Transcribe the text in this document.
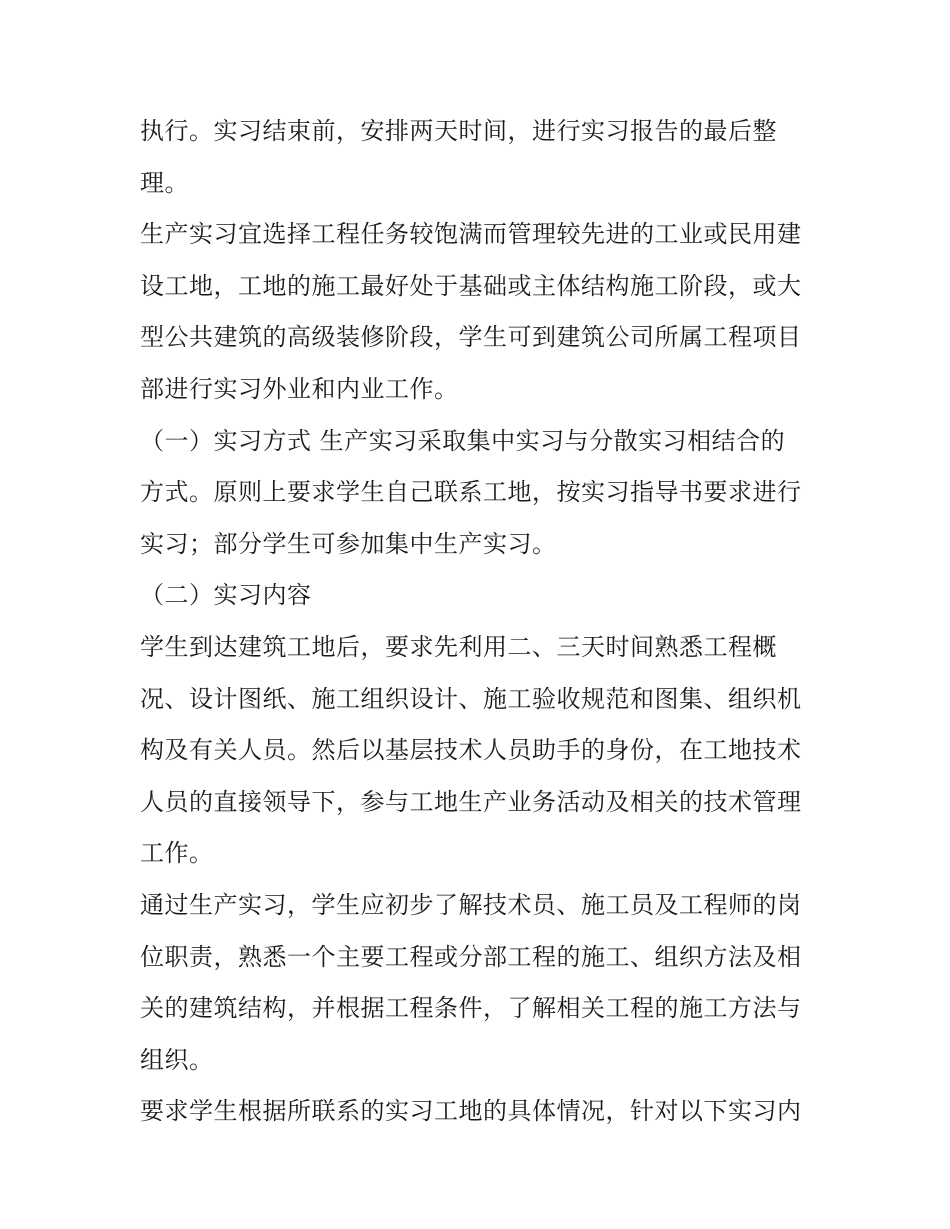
执行。实习结束前，安排两天时间，进行实习报告的最后整
理。
生产实习宜选择工程任务较饱满而管理较先进的工业或民用建
设工地，工地的施工最好处于基础或主体结构施工阶段，或大
型公共建筑的高级装修阶段，学生可到建筑公司所属工程项目
部进行实习外业和内业工作。
（一）实习方式 生产实习采取集中实习与分散实习相结合的
方式。原则上要求学生自己联系工地，按实习指导书要求进行
实习；部分学生可参加集中生产实习。
（二）实习内容
学生到达建筑工地后，要求先利用二、三天时间熟悉工程概
况、设计图纸、施工组织设计、施工验收规范和图集、组织机
构及有关人员。然后以基层技术人员助手的身份，在工地技术
人员的直接领导下，参与工地生产业务活动及相关的技术管理
工作。
通过生产实习，学生应初步了解技术员、施工员及工程师的岗
位职责，熟悉一个主要工程或分部工程的施工、组织方法及相
关的建筑结构，并根据工程条件，了解相关工程的施工方法与
组织。
要求学生根据所联系的实习工地的具体情况，针对以下实习内
